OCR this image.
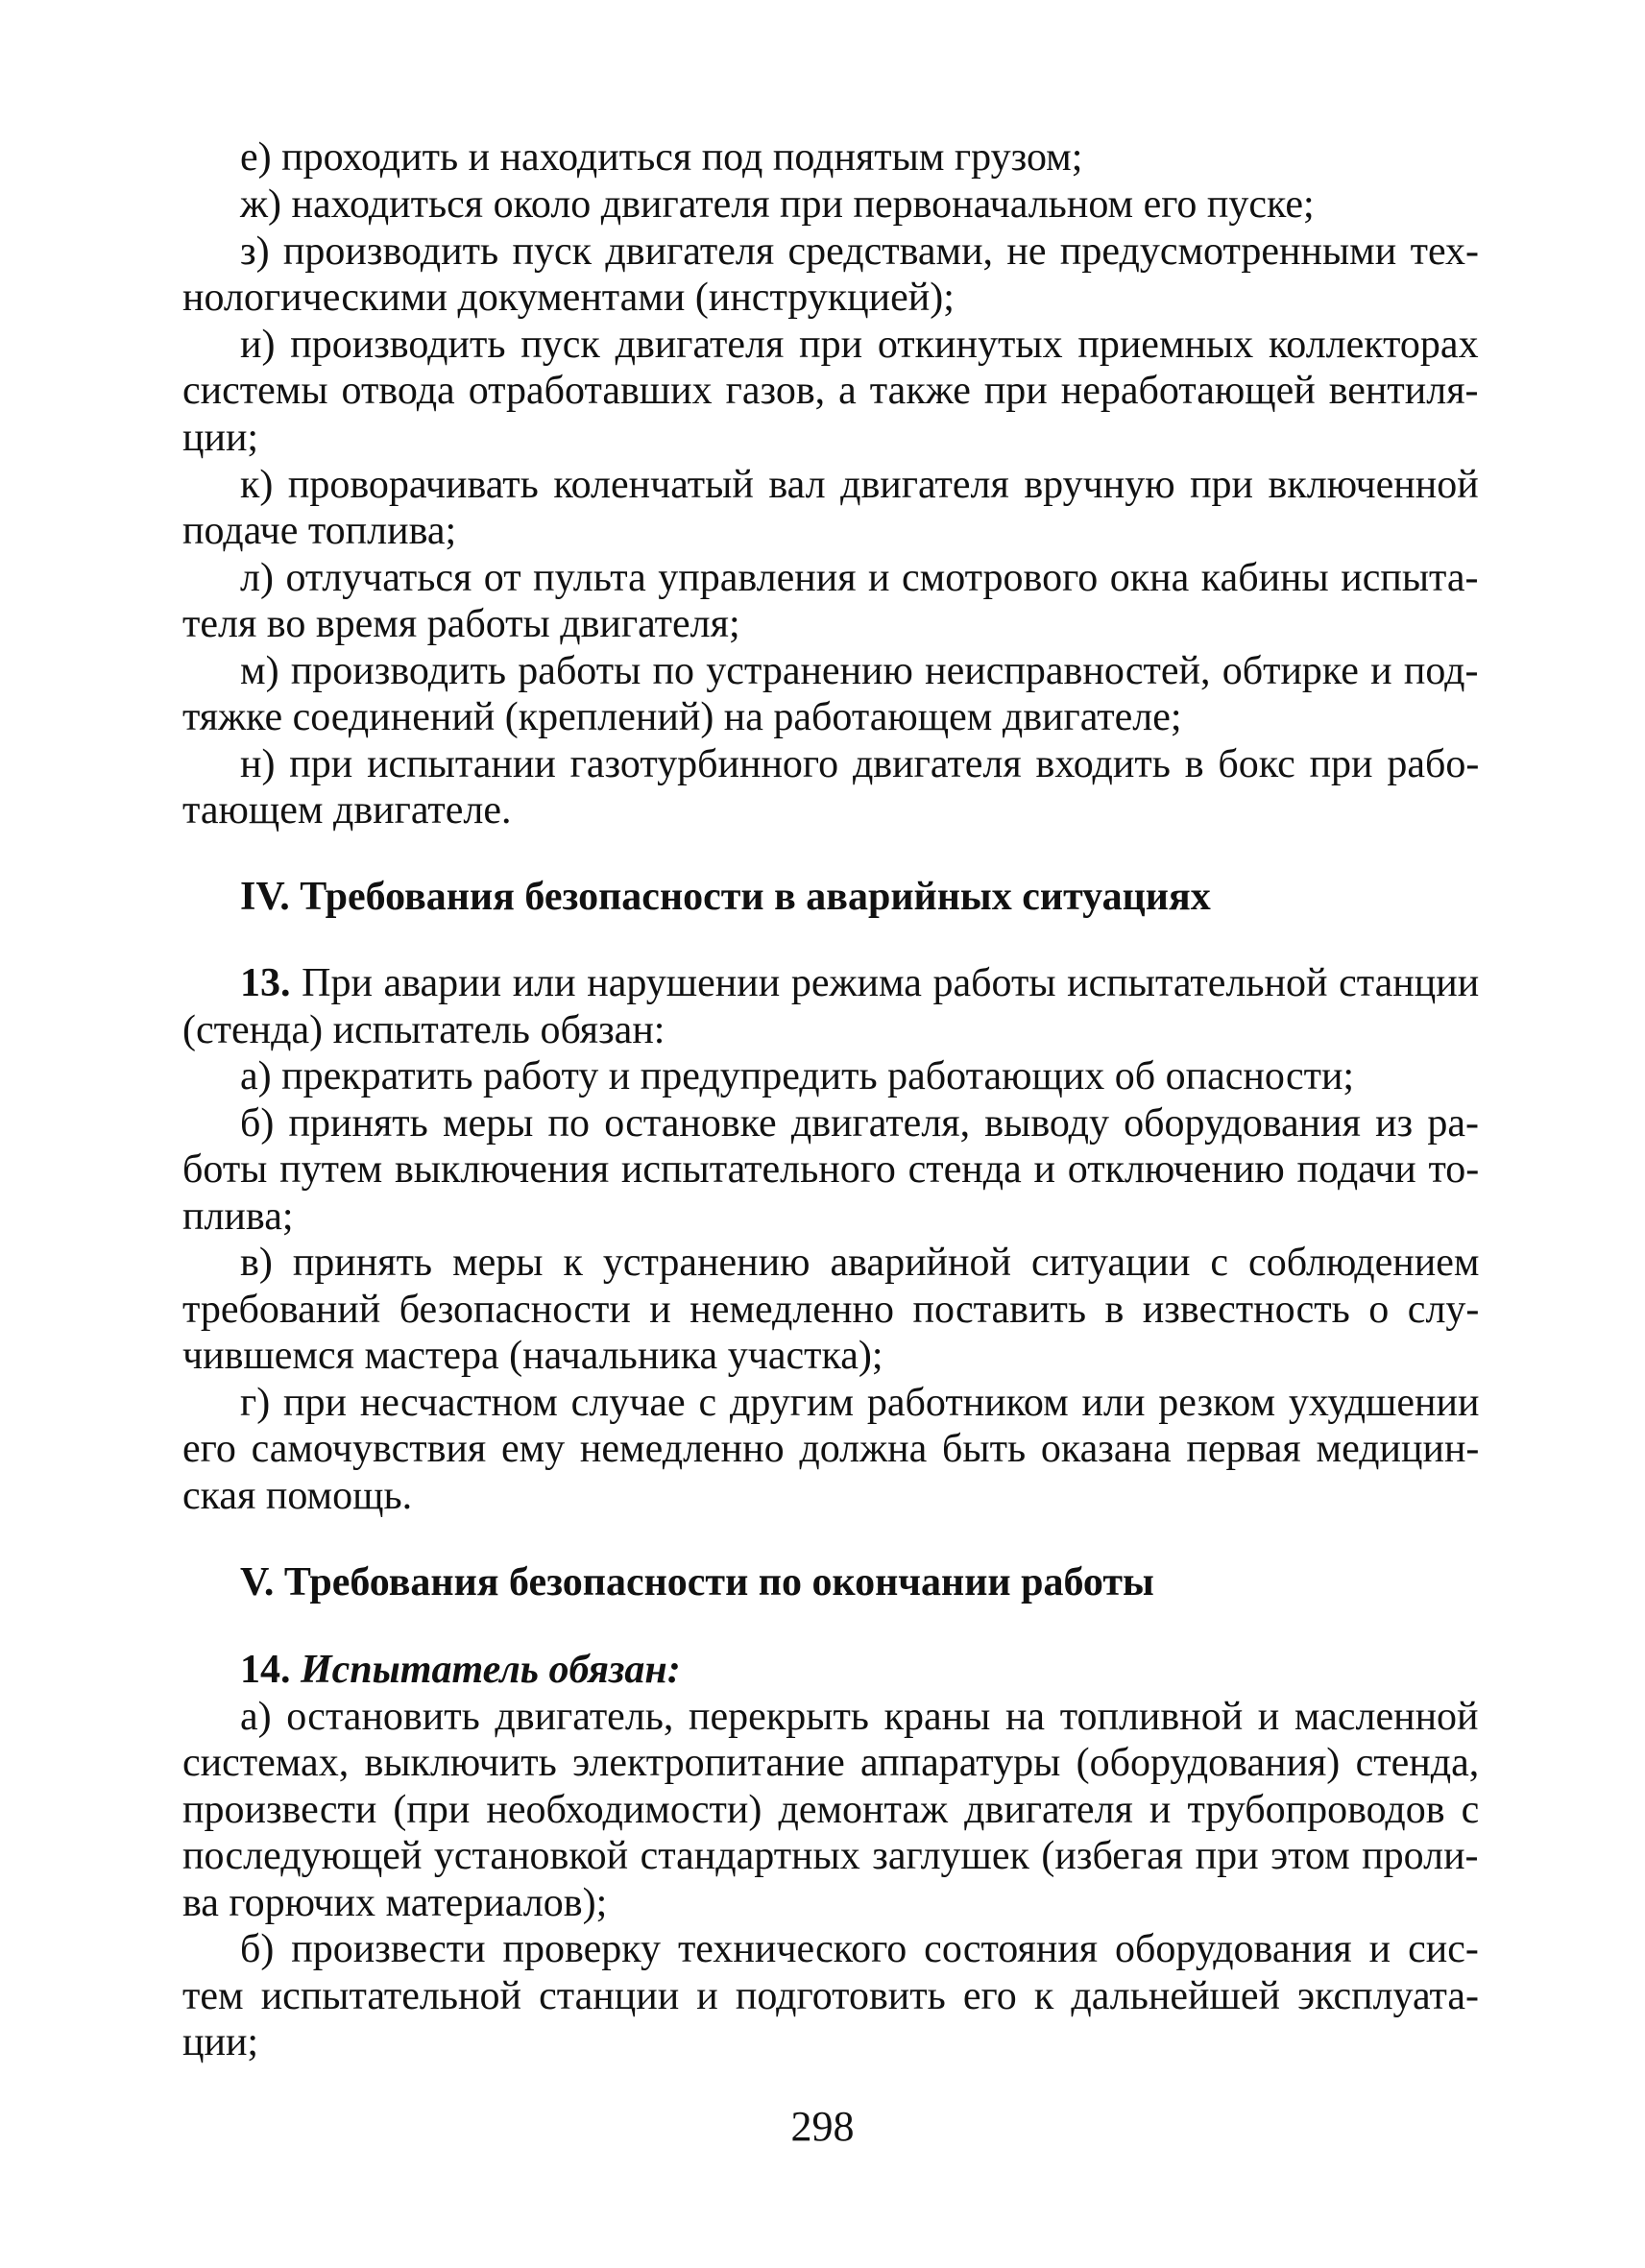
е) проходить и находиться под поднятым грузом;
ж) находиться около двигателя при первоначальном его пуске;
з) производить пуск двигателя средствами, не предусмотренными тех-
нологическими документами (инструкцией);
и) производить пуск двигателя при откинутых приемных коллекторах
системы отвода отработавших газов, а также при неработающей вентиля-
ции;
к) проворачивать коленчатый вал двигателя вручную при включенной
подаче топлива;
л) отлучаться от пульта управления и смотрового окна кабины испыта-
теля во время работы двигателя;
м) производить работы по устранению неисправностей, обтирке и под-
тяжке соединений (креплений) на работающем двигателе;
н) при испытании газотурбинного двигателя входить в бокс при рабо-
тающем двигателе.
IV. Требования безопасности в аварийных ситуациях
13. При аварии или нарушении режима работы испытательной станции
(стенда) испытатель обязан:
а) прекратить работу и предупредить работающих об опасности;
б) принять меры по остановке двигателя, выводу оборудования из ра-
боты путем выключения испытательного стенда и отключению подачи то-
плива;
в) принять меры к устранению аварийной ситуации с соблюдением
требований безопасности и немедленно поставить в известность о слу-
чившемся мастера (начальника участка);
г) при несчастном случае с другим работником или резком ухудшении
его самочувствия ему немедленно должна быть оказана первая медицин-
ская помощь.
V. Требования безопасности по окончании работы
14. Испытатель обязан:
а) остановить двигатель, перекрыть краны на топливной и масленной
системах, выключить электропитание аппаратуры (оборудования) стенда,
произвести (при необходимости) демонтаж двигателя и трубопроводов с
последующей установкой стандартных заглушек (избегая при этом проли-
ва горючих материалов);
б) произвести проверку технического состояния оборудования и сис-
тем испытательной станции и подготовить его к дальнейшей эксплуата-
ции;
298
